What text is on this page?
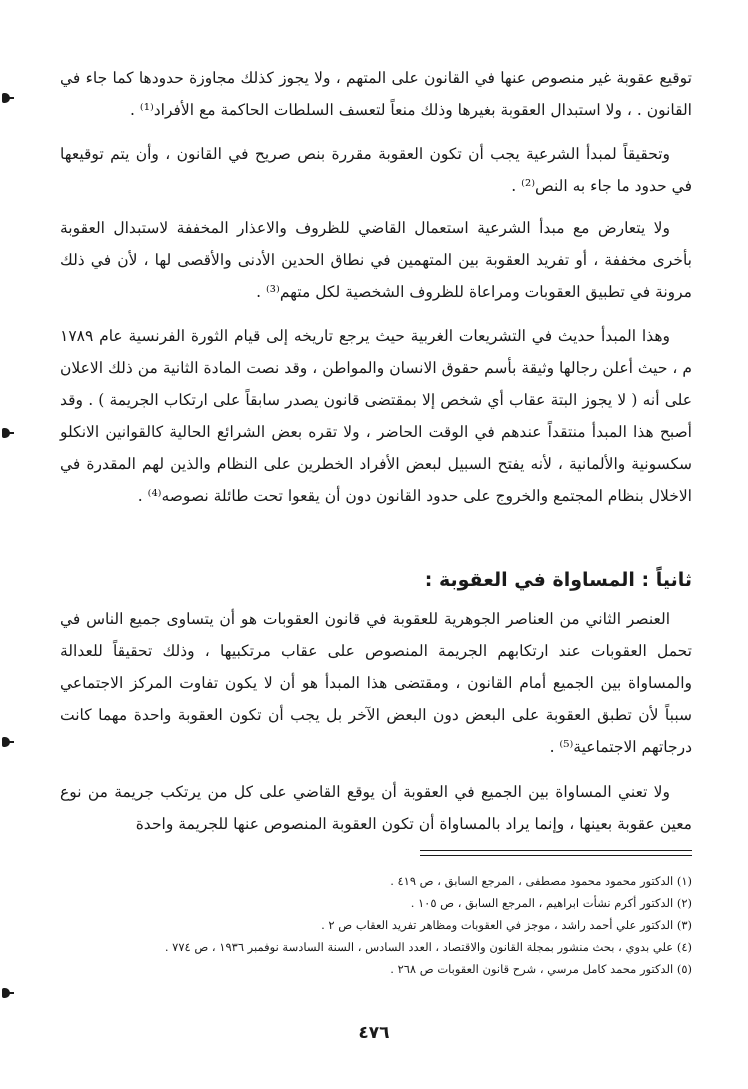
توقيع عقوبة غير منصوص عنها في القانون على المتهم ، ولا يجوز كذلك مجاوزة حدودها كما جاء في القانون . ، ولا استبدال العقوبة بغيرها وذلك منعاً لتعسف السلطات الحاكمة مع الأفراد⁽¹⁾ .

وتحقيقاً لمبدأ الشرعية يجب أن تكون العقوبة مقررة بنص صريح في القانون ، وأن يتم توقيعها في حدود ما جاء به النص⁽²⁾ .

ولا يتعارض مع مبدأ الشرعية استعمال القاضي للظروف والاعذار المخففة لاستبدال العقوبة بأخرى مخففة ، أو تفريد العقوبة بين المتهمين في نطاق الحدين الأدنى والأقصى لها ، لأن في ذلك مرونة في تطبيق العقوبات ومراعاة للظروف الشخصية لكل متهم⁽³⁾ .

وهذا المبدأ حديث في التشريعات الغربية حيث يرجع تاريخه إلى قيام الثورة الفرنسية عام ١٧٨٩ م ، حيث أعلن رجالها وثيقة بأسم حقوق الانسان والمواطن ، وقد نصت المادة الثانية من ذلك الاعلان على أنه ( لا يجوز البتة عقاب أي شخص إلا بمقتضى قانون يصدر سابقاً على ارتكاب الجريمة ) . وقد أصبح هذا المبدأ منتقداً عندهم في الوقت الحاضر ، ولا تقره بعض الشرائع الحالية كالقوانين الانكلو سكسونية والألمانية ، لأنه يفتح السبيل لبعض الأفراد الخطرين على النظام والذين لهم المقدرة في الاخلال بنظام المجتمع والخروج على حدود القانون دون أن يقعوا تحت طائلة نصوصه⁽⁴⁾ .

ثانياً : المساواة في العقوبة :

العنصر الثاني من العناصر الجوهرية للعقوبة في قانون العقوبات هو أن يتساوى جميع الناس في تحمل العقوبات عند ارتكابهم الجريمة المنصوص على عقاب مرتكبيها ، وذلك تحقيقاً للعدالة والمساواة بين الجميع أمام القانون ، ومقتضى هذا المبدأ هو أن لا يكون تفاوت المركز الاجتماعي سبباً لأن تطبق العقوبة على البعض دون البعض الآخر بل يجب أن تكون العقوبة واحدة مهما كانت درجاتهم الاجتماعية⁽⁵⁾ .

ولا تعني المساواة بين الجميع في العقوبة أن يوقع القاضي على كل من يرتكب جريمة من نوع معين عقوبة بعينها ، وإنما يراد بالمساواة أن تكون العقوبة المنصوص عنها للجريمة واحدة

(١) الدكتور محمود محمود مصطفى ، المرجع السابق ، ص ٤١٩ .
(٢) الدكتور أكرم نشأت ابراهيم ، المرجع السابق ، ص ١٠٥ .
(٣) الدكتور علي أحمد راشد ، موجز في العقوبات ومظاهر تفريد العقاب ص ٢ .
(٤) علي بدوي ، بحث منشور بمجلة القانون والاقتصاد ، العدد السادس ، السنة السادسة نوفمبر ١٩٣٦ ، ص ٧٧٤ .
(٥) الدكتور محمد كامل مرسي ، شرح قانون العقوبات ص ٢٦٨ .
٤٧٦
